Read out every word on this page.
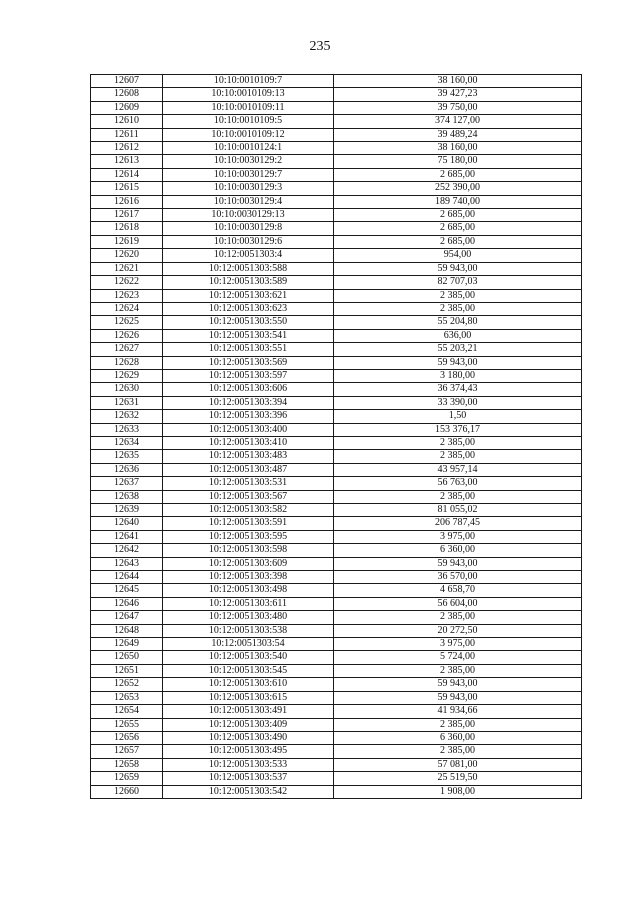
235
12607	10:10:0010109:7	38 160,00
12608	10:10:0010109:13	39 427,23
12609	10:10:0010109:11	39 750,00
12610	10:10:0010109:5	374 127,00
12611	10:10:0010109:12	39 489,24
12612	10:10:0010124:1	38 160,00
12613	10:10:0030129:2	75 180,00
12614	10:10:0030129:7	2 685,00
12615	10:10:0030129:3	252 390,00
12616	10:10:0030129:4	189 740,00
12617	10:10:0030129:13	2 685,00
12618	10:10:0030129:8	2 685,00
12619	10:10:0030129:6	2 685,00
12620	10:12:0051303:4	954,00
12621	10:12:0051303:588	59 943,00
12622	10:12:0051303:589	82 707,03
12623	10:12:0051303:621	2 385,00
12624	10:12:0051303:623	2 385,00
12625	10:12:0051303:550	55 204,80
12626	10:12:0051303:541	636,00
12627	10:12:0051303:551	55 203,21
12628	10:12:0051303:569	59 943,00
12629	10:12:0051303:597	3 180,00
12630	10:12:0051303:606	36 374,43
12631	10:12:0051303:394	33 390,00
12632	10:12:0051303:396	1,50
12633	10:12:0051303:400	153 376,17
12634	10:12:0051303:410	2 385,00
12635	10:12:0051303:483	2 385,00
12636	10:12:0051303:487	43 957,14
12637	10:12:0051303:531	56 763,00
12638	10:12:0051303:567	2 385,00
12639	10:12:0051303:582	81 055,02
12640	10:12:0051303:591	206 787,45
12641	10:12:0051303:595	3 975,00
12642	10:12:0051303:598	6 360,00
12643	10:12:0051303:609	59 943,00
12644	10:12:0051303:398	36 570,00
12645	10:12:0051303:498	4 658,70
12646	10:12:0051303:611	56 604,00
12647	10:12:0051303:480	2 385,00
12648	10:12:0051303:538	20 272,50
12649	10:12:0051303:54	3 975,00
12650	10:12:0051303:540	5 724,00
12651	10:12:0051303:545	2 385,00
12652	10:12:0051303:610	59 943,00
12653	10:12:0051303:615	59 943,00
12654	10:12:0051303:491	41 934,66
12655	10:12:0051303:409	2 385,00
12656	10:12:0051303:490	6 360,00
12657	10:12:0051303:495	2 385,00
12658	10:12:0051303:533	57 081,00
12659	10:12:0051303:537	25 519,50
12660	10:12:0051303:542	1 908,00
